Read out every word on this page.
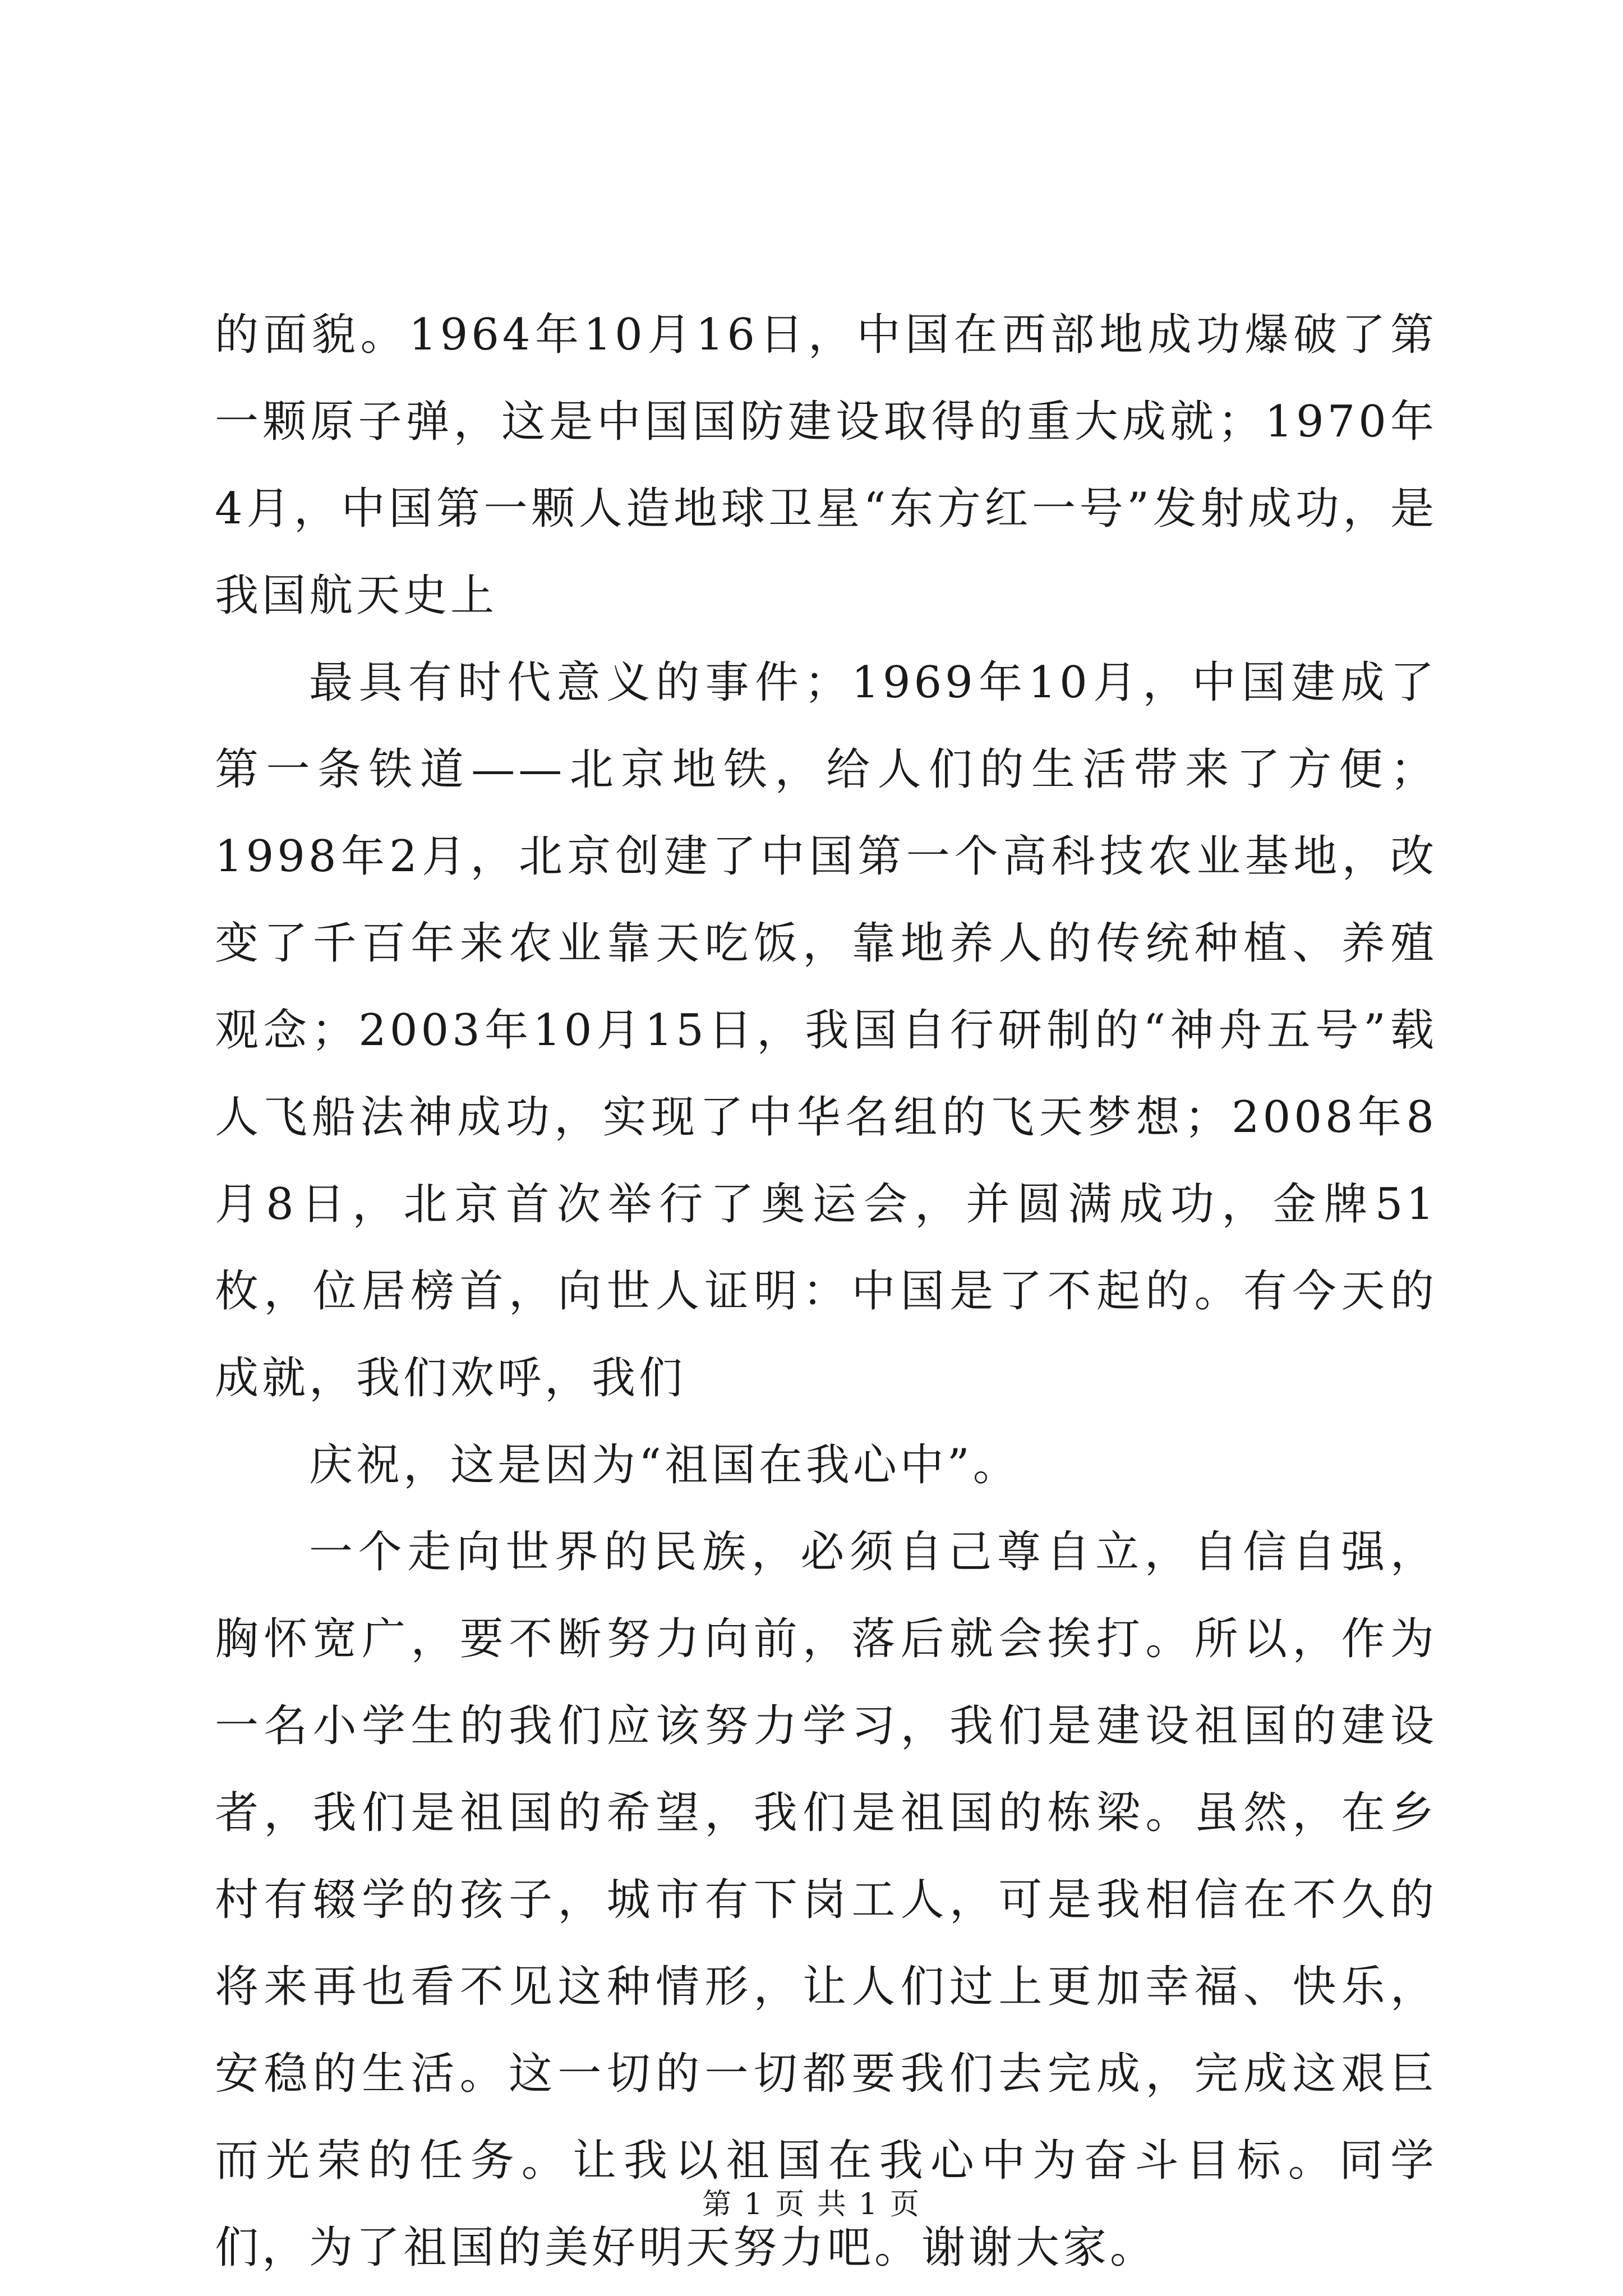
的面貌。1964年10月16日，中国在西部地成功爆破了第一颗原子弹，这是中国国防建设取得的重大成就；1970年4月，中国第一颗人造地球卫星“东方红一号”发射成功，是我国航天史上

最具有时代意义的事件；1969年10月，中国建成了第一条铁道——北京地铁，给人们的生活带来了方便；1998年2月，北京创建了中国第一个高科技农业基地，改变了千百年来农业靠天吃饭，靠地养人的传统种植、养殖观念；2003年10月15日，我国自行研制的“神舟五号”载人飞船法神成功，实现了中华名组的飞天梦想；2008年8月8日，北京首次举行了奥运会，并圆满成功，金牌51枚，位居榜首，向世人证明：中国是了不起的。有今天的成就，我们欢呼，我们

庆祝，这是因为“祖国在我心中”。

一个走向世界的民族，必须自己尊自立，自信自强，胸怀宽广，要不断努力向前，落后就会挨打。所以，作为一名小学生的我们应该努力学习，我们是建设祖国的建设者，我们是祖国的希望，我们是祖国的栋梁。虽然，在乡村有辍学的孩子，城市有下岗工人，可是我相信在不久的将来再也看不见这种情形，让人们过上更加幸福、快乐，安稳的生活。这一切的一切都要我们去完成，完成这艰巨而光荣的任务。让我以祖国在我心中为奋斗目标。同学们，为了祖国的美好明天努力吧。谢谢大家。

第 1 页 共 1 页
